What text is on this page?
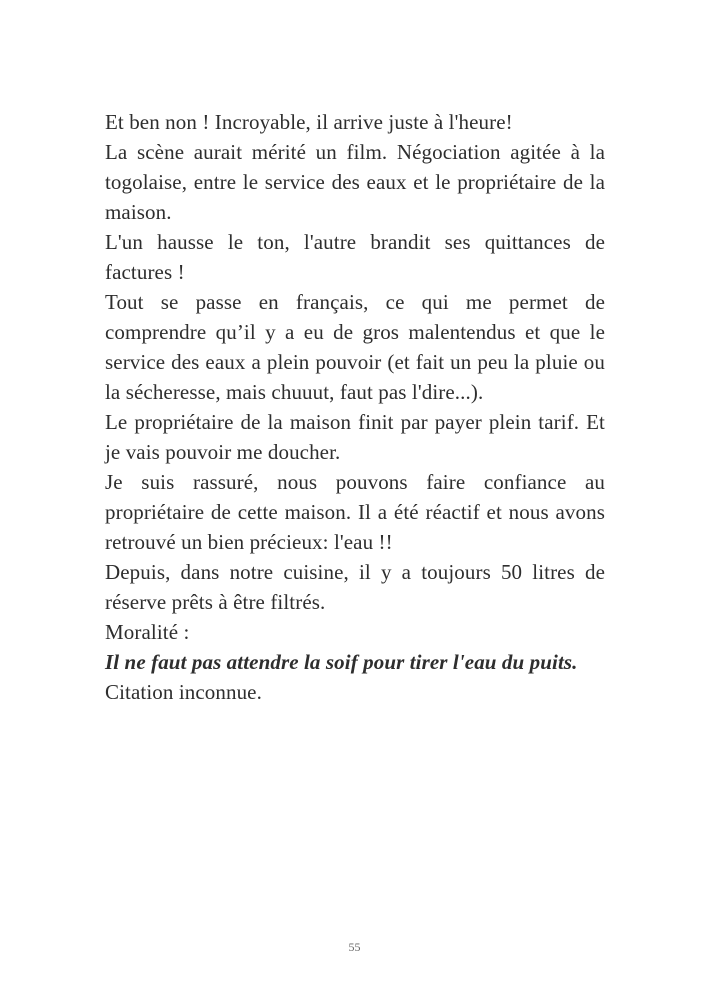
Et ben non ! Incroyable, il arrive juste à l'heure!

La scène aurait mérité un film. Négociation agitée à la togolaise, entre le service des eaux et le propriétaire de la maison.

L'un hausse le ton, l'autre brandit ses quittances de factures !

Tout se passe en français, ce qui me permet de comprendre qu’il y a eu de gros malentendus et que le service des eaux a plein pouvoir (et fait un peu la pluie ou la sécheresse, mais chuuut, faut pas l'dire...).

Le propriétaire de la maison finit par payer plein tarif. Et je vais pouvoir me doucher.

Je suis rassuré, nous pouvons faire confiance au propriétaire de cette maison. Il a été réactif et nous avons retrouvé un bien précieux: l'eau !!

Depuis, dans notre cuisine, il y a toujours 50 litres de réserve prêts à être filtrés.

Moralité :

Il ne faut pas attendre la soif pour tirer l'eau du puits.

Citation inconnue.

55
